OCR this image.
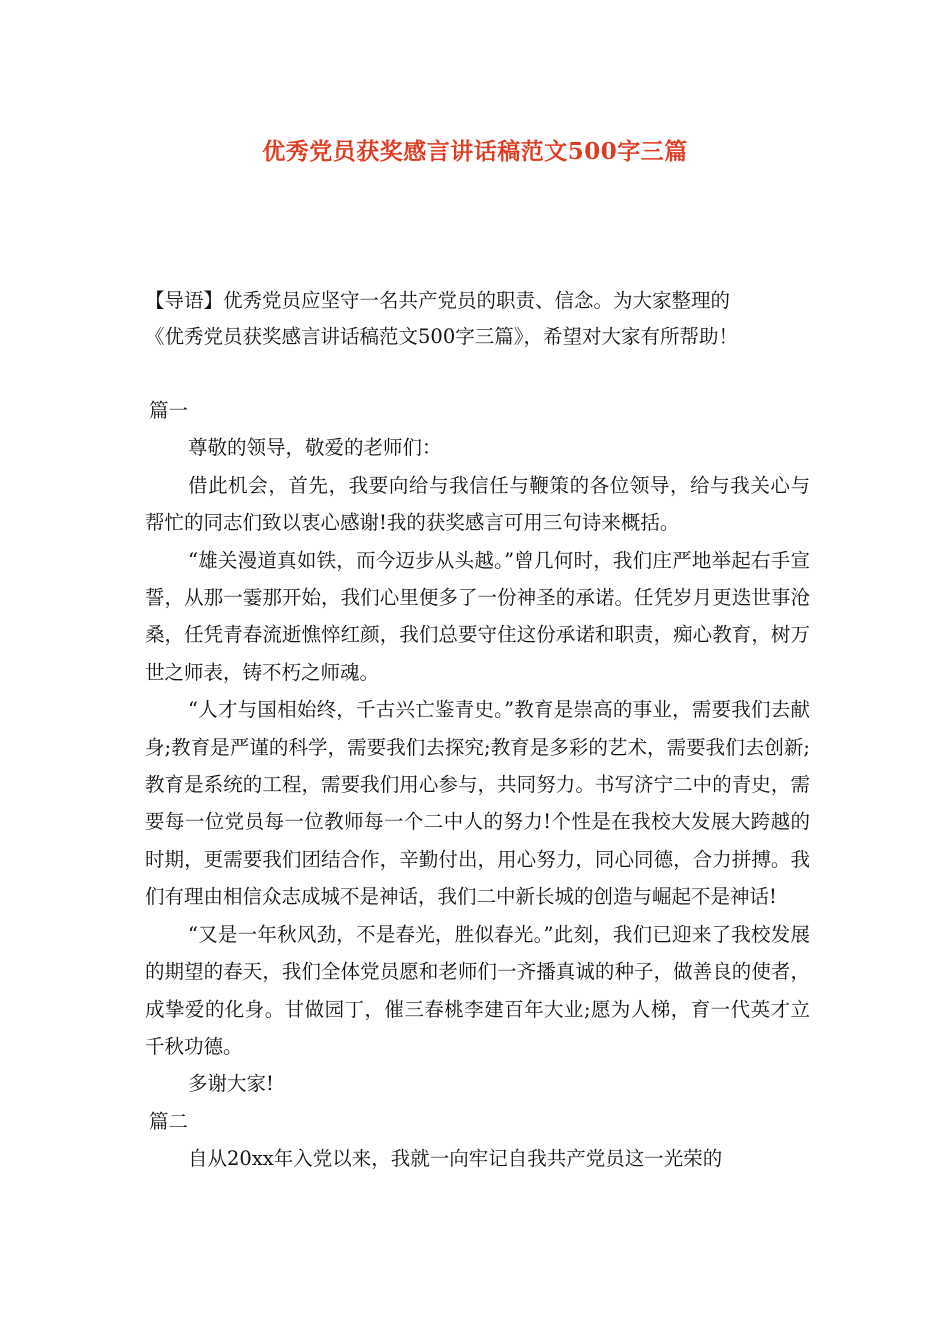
优秀党员获奖感言讲话稿范文500字三篇

【导语】优秀党员应坚守一名共产党员的职责、信念。为大家整理的

《优秀党员获奖感言讲话稿范文500字三篇》，希望对大家有所帮助！

篇一

尊敬的领导，敬爱的老师们：

借此机会，首先，我要向给与我信任与鞭策的各位领导，给与我关心与帮忙的同志们致以衷心感谢!我的获奖感言可用三句诗来概括。

“雄关漫道真如铁，而今迈步从头越。”曾几何时，我们庄严地举起右手宣誓，从那一霎那开始，我们心里便多了一份神圣的承诺。任凭岁月更迭世事沧桑，任凭青春流逝憔悴红颜，我们总要守住这份承诺和职责，痴心教育，树万世之师表，铸不朽之师魂。

“人才与国相始终，千古兴亡鉴青史。”教育是崇高的事业，需要我们去献身;教育是严谨的科学，需要我们去探究;教育是多彩的艺术，需要我们去创新;教育是系统的工程，需要我们用心参与，共同努力。书写济宁二中的青史，需要每一位党员每一位教师每一个二中人的努力!个性是在我校大发展大跨越的时期，更需要我们团结合作，辛勤付出，用心努力，同心同德，合力拼搏。我们有理由相信众志成城不是神话，我们二中新长城的创造与崛起不是神话!

“又是一年秋风劲，不是春光，胜似春光。”此刻，我们已迎来了我校发展的期望的春天，我们全体党员愿和老师们一齐播真诚的种子，做善良的使者，成挚爱的化身。甘做园丁，催三春桃李建百年大业;愿为人梯，育一代英才立千秋功德。

多谢大家!

篇二

自从20xx年入党以来，我就一向牢记自我共产党员这一光荣的
